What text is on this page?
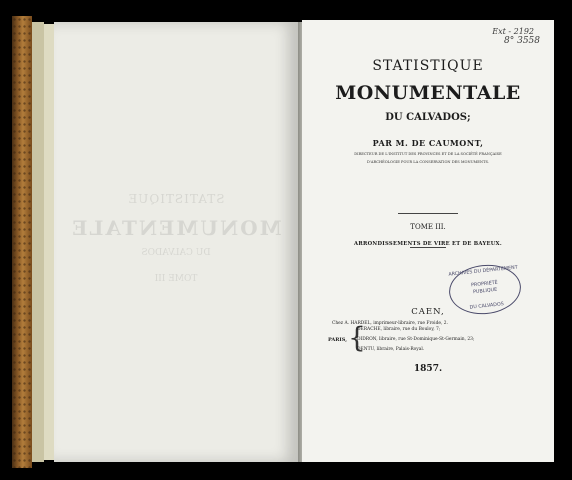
STATISTIQUE
MONUMENTALE
DU CALVADOS
TOME III
Ext - 2192
8° 3558
STATISTIQUE
MONUMENTALE
DU CALVADOS;
PAR M. DE CAUMONT,
DIRECTEUR DE L'INSTITUT DES PROVINCES ET DE LA SOCIÉTÉ FRANÇAISE
D'ARCHÉOLOGIE POUR LA CONSERVATION DES MONUMENTS.
TOME III.
ARRONDISSEMENTS DE VIRE ET DE BAYEUX.
CAEN,
Chez A. HARDEL, imprimeur-libraire, rue Froide, 2.
PARIS, {
DERACHE, libraire, rue du Bouloy, 7;
DIDRON, libraire, rue St-Dominique-St-Germain, 23;
DENTU, libraire, Palais-Royal.
1857.
ARCHIVES DU DÉPARTEMENT
PROPRIÉTÉ
PUBLIQUE
DU CALVADOS
